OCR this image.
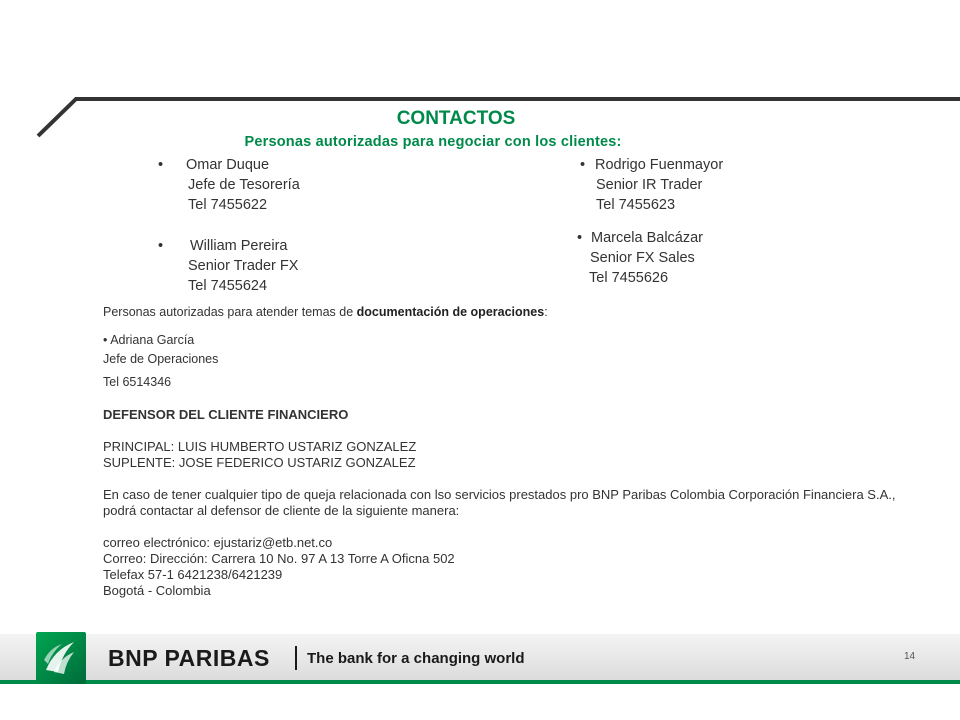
CONTACTOS
Personas autorizadas para negociar con los clientes:
• Omar Duque
Jefe de Tesorería
Tel 7455622
• Rodrigo Fuenmayor
Senior IR Trader
Tel 7455623
• William Pereira
Senior Trader FX
Tel 7455624
• Marcela Balcázar
Senior FX Sales
Tel 7455626
Personas autorizadas para atender temas de documentación de operaciones:
• Adriana García
Jefe de Operaciones
Tel 6514346
DEFENSOR DEL CLIENTE FINANCIERO
PRINCIPAL: LUIS HUMBERTO USTARIZ GONZALEZ
SUPLENTE: JOSE FEDERICO USTARIZ GONZALEZ
En caso de tener cualquier tipo de queja relacionada con lso servicios prestados pro BNP Paribas Colombia Corporación Financiera S.A., podrá contactar al defensor de cliente de la siguiente manera:
correo electrónico: ejustariz@etb.net.co
Correo: Dirección: Carrera 10 No. 97 A 13 Torre A Oficna 502
Telefax 57-1 6421238/6421239
Bogotá - Colombia
BNP PARIBAS The bank for a changing world	14
